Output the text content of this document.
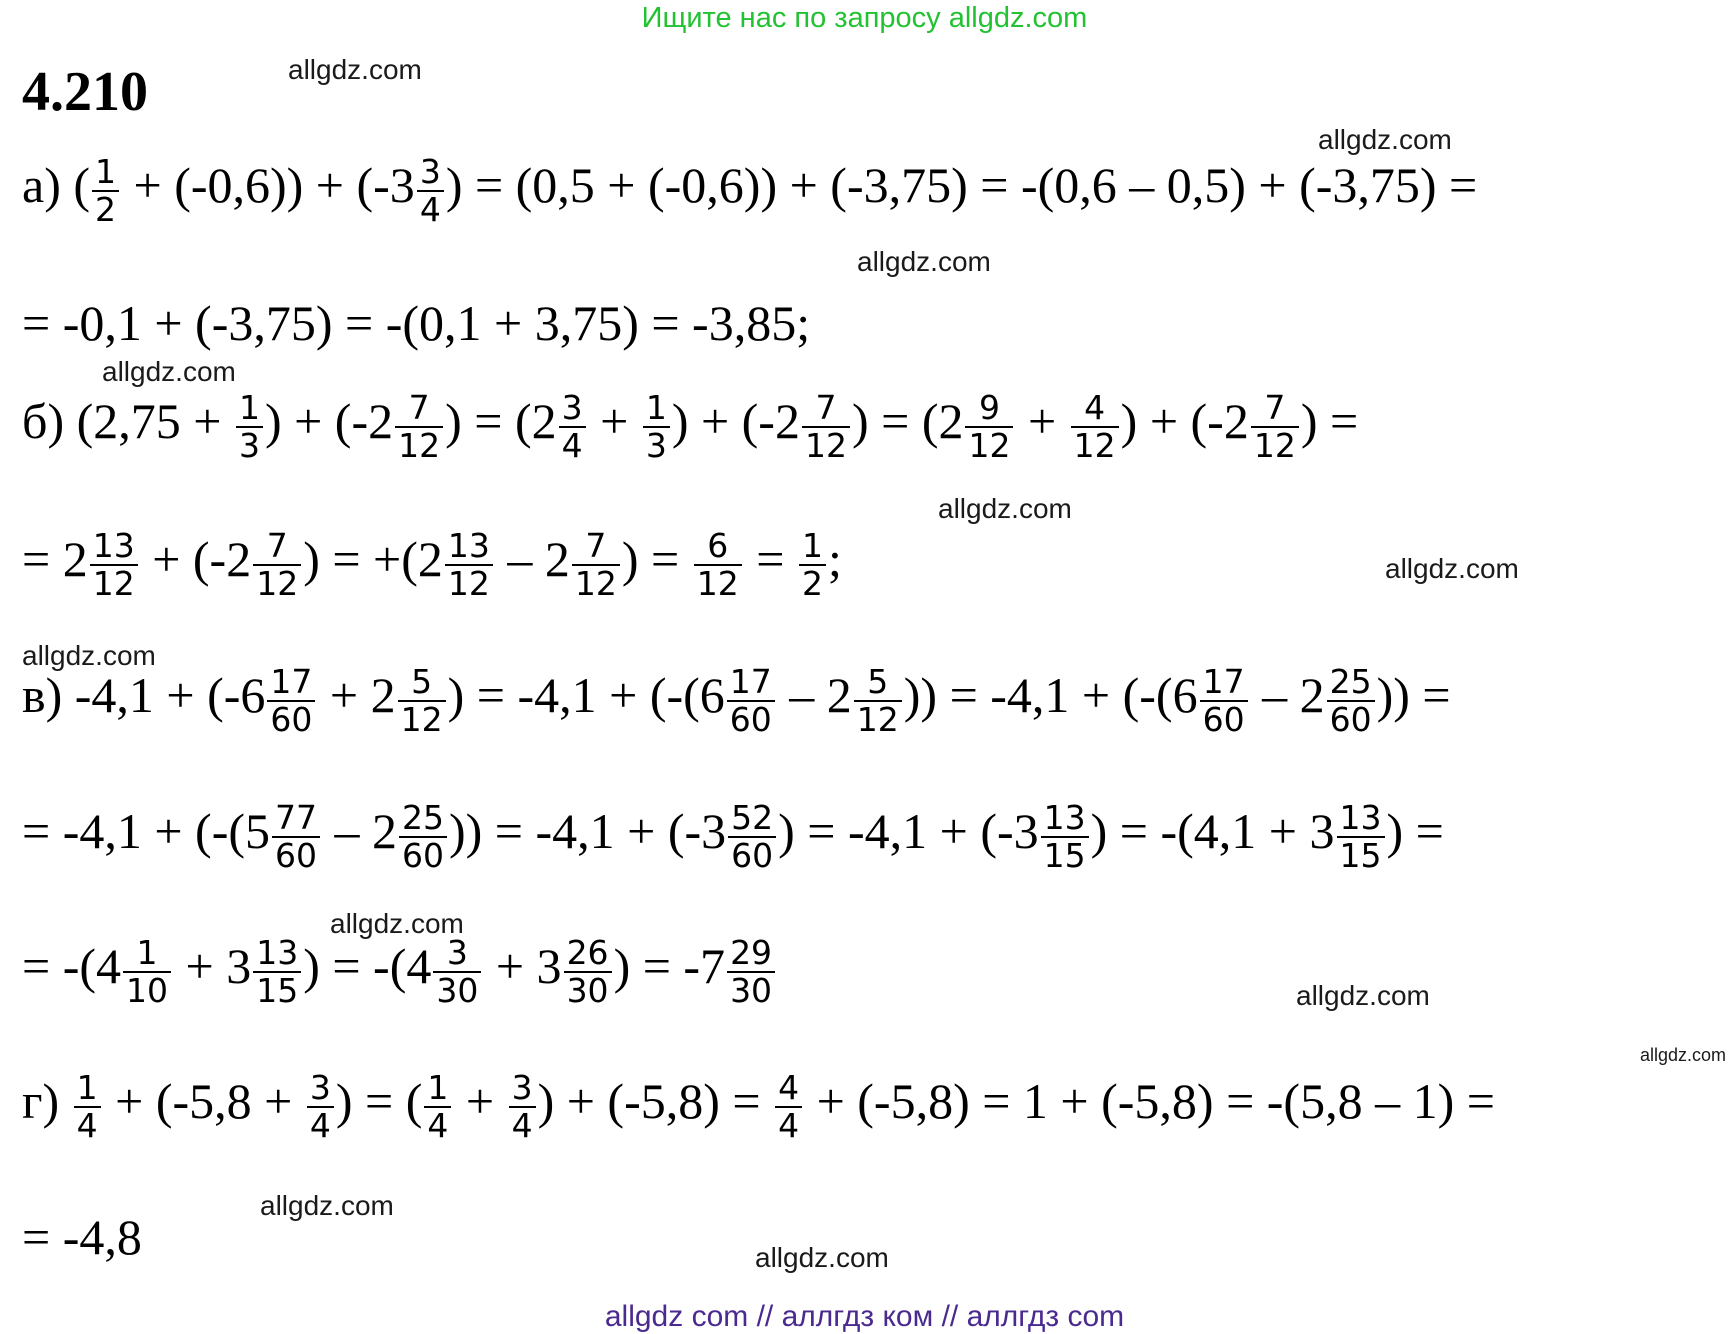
Ищите нас по запросу allgdz.com
4.210	allgdz.com
allgdz.com
allgdz.com
allgdz.com
allgdz.com
allgdz.com
allgdz.com
allgdz.com
allgdz.com
allgdz.com
allgdz.com
allgdz.com
а) ( $\frac{1}{2} + (-0,6)) + (-3 \frac{3}{4}$ ) = (0,5 + (-0,6)) + (-3,75) = -(0,6 – 0,5) + (-3,75) =
= -0,1 + (-3,75) = -(0,1 + 3,75) = -3,85;
б) ($2,75 + \frac{1}{3}$ ) + ($-2 \frac{7}{12}$ ) = ($2 \frac{3}{4} + \frac{1}{3}$ ) + ($-2 \frac{7}{12}$ ) = ($2 \frac{9}{12} + \frac{4}{12}$ ) + ($-2 \frac{7}{12}$ ) =
= $2 \frac{13}{12} + (-2 \frac{7}{12}$ ) = $+(2 \frac{13}{12} - 2 \frac{7}{12}$ ) = $\frac{6}{12} = \frac{1}{2}$ ;
в) $-4,1 + (-6 \frac{17}{60} + 2 \frac{5}{12}$ ) = $-4,1 + (-(6 \frac{17}{60} - 2 \frac{5}{12}$ )) = $-4,1 + (-(6 \frac{17}{60} - 2 \frac{25}{60}$ )) =
= $-4,1 + (-(5 \frac{77}{60} - 2 \frac{25}{60}$ )) = $-4,1 + (-3 \frac{52}{60}$ ) = $-4,1 + (-3 \frac{13}{15}$ ) = $-(4,1 + 3 \frac{13}{15}$ ) =
= $-(4 \frac{1}{10} + 3 \frac{13}{15}$ ) = $-(4 \frac{3}{30} + 3 \frac{26}{30}$ ) = $-7 \frac{29}{30}$
$г) \frac{1}{4} + (-5,8 + \frac{3}{4}$ ) = ( $\frac{1}{4} + \frac{3}{4}$ ) + $(-5,8) = \frac{4}{4} + (-5,8) = 1 + (-5,8) = -(5,8 - 1)$ =
= -4,8
allgdz com // аллгдз ком // аллгдз com
